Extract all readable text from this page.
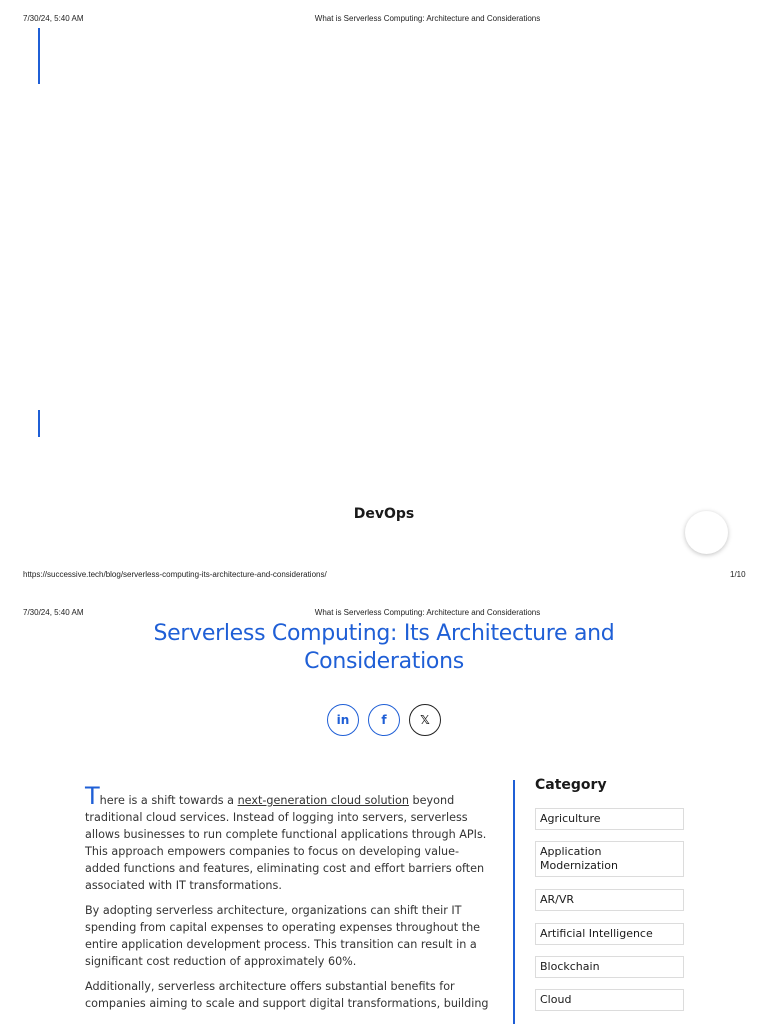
7/30/24, 5:40 AM	What is Serverless Computing: Architecture and Considerations
DevOps
https://successive.tech/blog/serverless-computing-its-architecture-and-considerations/	1/10
7/30/24, 5:40 AM	What is Serverless Computing: Architecture and Considerations
Serverless Computing: Its Architecture and
Considerations
in	f	𝕏

There is a shift towards a next-generation cloud solution beyond traditional cloud services. Instead of logging into servers, serverless allows businesses to run complete functional applications through APIs. This approach empowers companies to focus on developing value-added functions and features, eliminating cost and effort barriers often associated with IT transformations.

By adopting serverless architecture, organizations can shift their IT spending from capital expenses to operating expenses throughout the entire application development process. This transition can result in a significant cost reduction of approximately 60%.

Additionally, serverless architecture offers substantial benefits for companies aiming to scale and support digital transformations, building

Category
Agriculture
Application Modernization
AR/VR
Artificial Intelligence
Blockchain
Cloud
